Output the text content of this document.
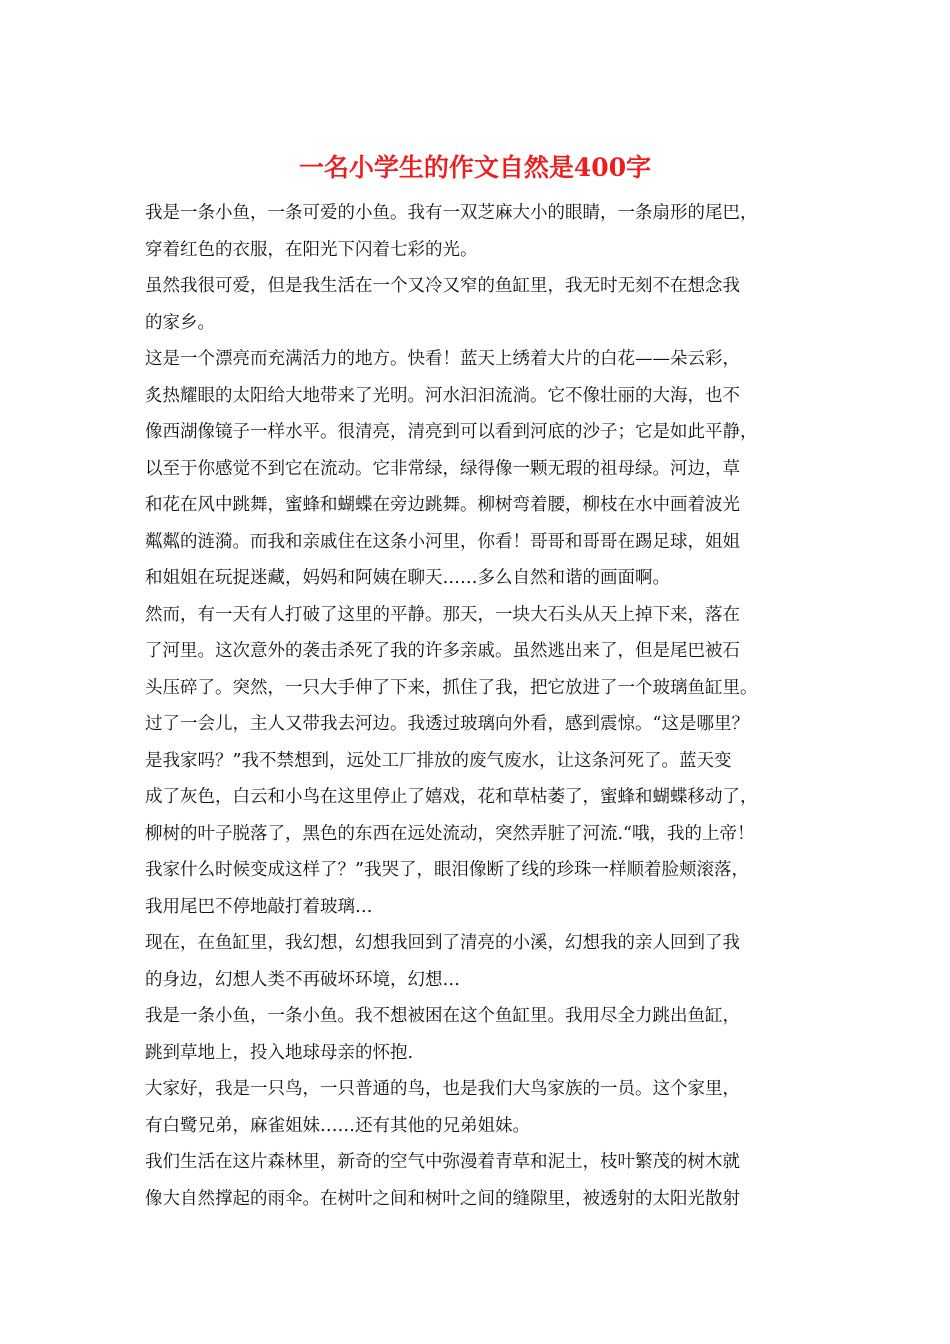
一名小学生的作文自然是400字
我是一条小鱼，一条可爱的小鱼。我有一双芝麻大小的眼睛，一条扇形的尾巴，
穿着红色的衣服，在阳光下闪着七彩的光。
虽然我很可爱，但是我生活在一个又冷又窄的鱼缸里，我无时无刻不在想念我
的家乡。
这是一个漂亮而充满活力的地方。快看！蓝天上绣着大片的白花——朵云彩，
炙热耀眼的太阳给大地带来了光明。河水汩汩流淌。它不像壮丽的大海，也不
像西湖像镜子一样水平。很清亮，清亮到可以看到河底的沙子；它是如此平静，
以至于你感觉不到它在流动。它非常绿，绿得像一颗无瑕的祖母绿。河边，草
和花在风中跳舞，蜜蜂和蝴蝶在旁边跳舞。柳树弯着腰，柳枝在水中画着波光
粼粼的涟漪。而我和亲戚住在这条小河里，你看！哥哥和哥哥在踢足球，姐姐
和姐姐在玩捉迷藏，妈妈和阿姨在聊天……多么自然和谐的画面啊。
然而，有一天有人打破了这里的平静。那天，一块大石头从天上掉下来，落在
了河里。这次意外的袭击杀死了我的许多亲戚。虽然逃出来了，但是尾巴被石
头压碎了。突然，一只大手伸了下来，抓住了我，把它放进了一个玻璃鱼缸里。
过了一会儿，主人又带我去河边。我透过玻璃向外看，感到震惊。“这是哪里？
是我家吗？”我不禁想到，远处工厂排放的废气废水，让这条河死了。蓝天变
成了灰色，白云和小鸟在这里停止了嬉戏，花和草枯萎了，蜜蜂和蝴蝶移动了，
柳树的叶子脱落了，黑色的东西在远处流动，突然弄脏了河流.“哦，我的上帝！
我家什么时候变成这样了？”我哭了，眼泪像断了线的珍珠一样顺着脸颊滚落，
我用尾巴不停地敲打着玻璃…
现在，在鱼缸里，我幻想，幻想我回到了清亮的小溪，幻想我的亲人回到了我
的身边，幻想人类不再破坏环境，幻想…
我是一条小鱼，一条小鱼。我不想被困在这个鱼缸里。我用尽全力跳出鱼缸，
跳到草地上，投入地球母亲的怀抱.
大家好，我是一只鸟，一只普通的鸟，也是我们大鸟家族的一员。这个家里，
有白鹭兄弟，麻雀姐妹……还有其他的兄弟姐妹。
我们生活在这片森林里，新奇的空气中弥漫着青草和泥土，枝叶繁茂的树木就
像大自然撑起的雨伞。在树叶之间和树叶之间的缝隙里，被透射的太阳光散射
